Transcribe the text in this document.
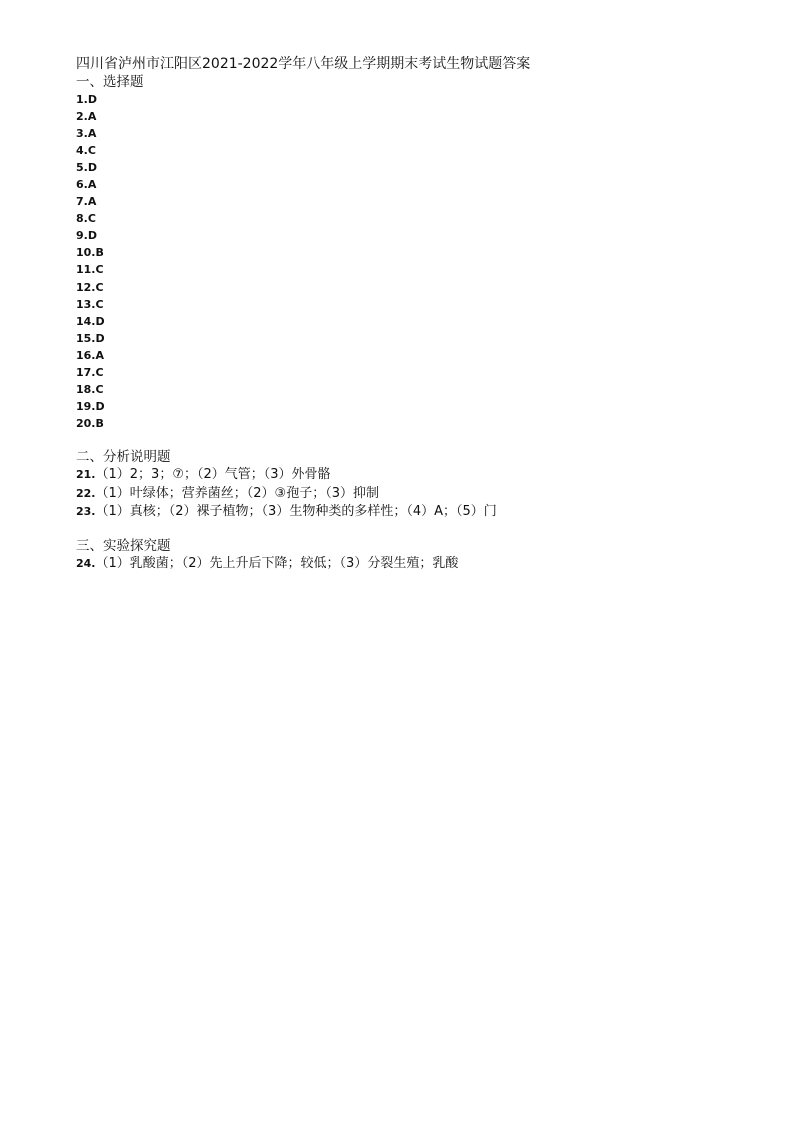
四川省泸州市江阳区2021-2022学年八年级上学期期末考试生物试题答案
一、选择题
1.D
2.A
3.A
4.C
5.D
6.A
7.A
8.C
9.D
10.B
11.C
12.C
13.C
14.D
15.D
16.A
17.C
18.C
19.D
20.B
二、分析说明题
21.（1）2；3；⑦；（2）气管；（3）外骨骼
22.（1）叶绿体；营养菌丝；（2）③孢子；（3）抑制
23.（1）真核；（2）裸子植物；（3）生物种类的多样性；（4）A；（5）门
三、实验探究题
24.（1）乳酸菌；（2）先上升后下降；较低；（3）分裂生殖；乳酸
